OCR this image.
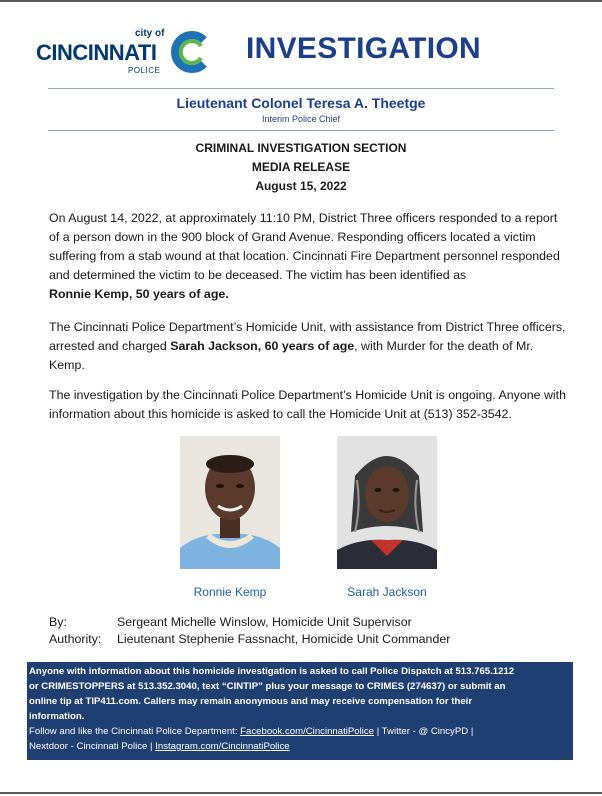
city of
CINCINNATI
POLICE
INVESTIGATION
Lieutenant Colonel Teresa A. Theetge
Interim Police Chief
CRIMINAL INVESTIGATION SECTION
MEDIA RELEASE
August 15, 2022
On August 14, 2022, at approximately 11:10 PM, District Three officers responded to a report of a person down in the 900 block of Grand Avenue. Responding officers located a victim suffering from a stab wound at that location. Cincinnati Fire Department personnel responded and determined the victim to be deceased. The victim has been identified as
Ronnie Kemp, 50 years of age.
The Cincinnati Police Department’s Homicide Unit, with assistance from District Three officers, arrested and charged Sarah Jackson, 60 years of age, with Murder for the death of Mr. Kemp.
The investigation by the Cincinnati Police Department’s Homicide Unit is ongoing. Anyone with information about this homicide is asked to call the Homicide Unit at (513) 352-3542.
Ronnie Kemp	Sarah Jackson
By:	Sergeant Michelle Winslow, Homicide Unit Supervisor
Authority: Lieutenant Stephenie Fassnacht, Homicide Unit Commander
Anyone with information about this homicide investigation is asked to call Police Dispatch at 513.765.1212
or CRIMESTOPPERS at 513.352.3040, text “CINTIP” plus your message to CRIMES (274637) or submit an
online tip at TIP411.com. Callers may remain anonymous and may receive compensation for their
information.
Follow and like the Cincinnati Police Department: Facebook.com/CincinnatiPolice | Twitter - @ CincyPD |
Nextdoor - Cincinnati Police | Instagram.com/CincinnatiPolice
